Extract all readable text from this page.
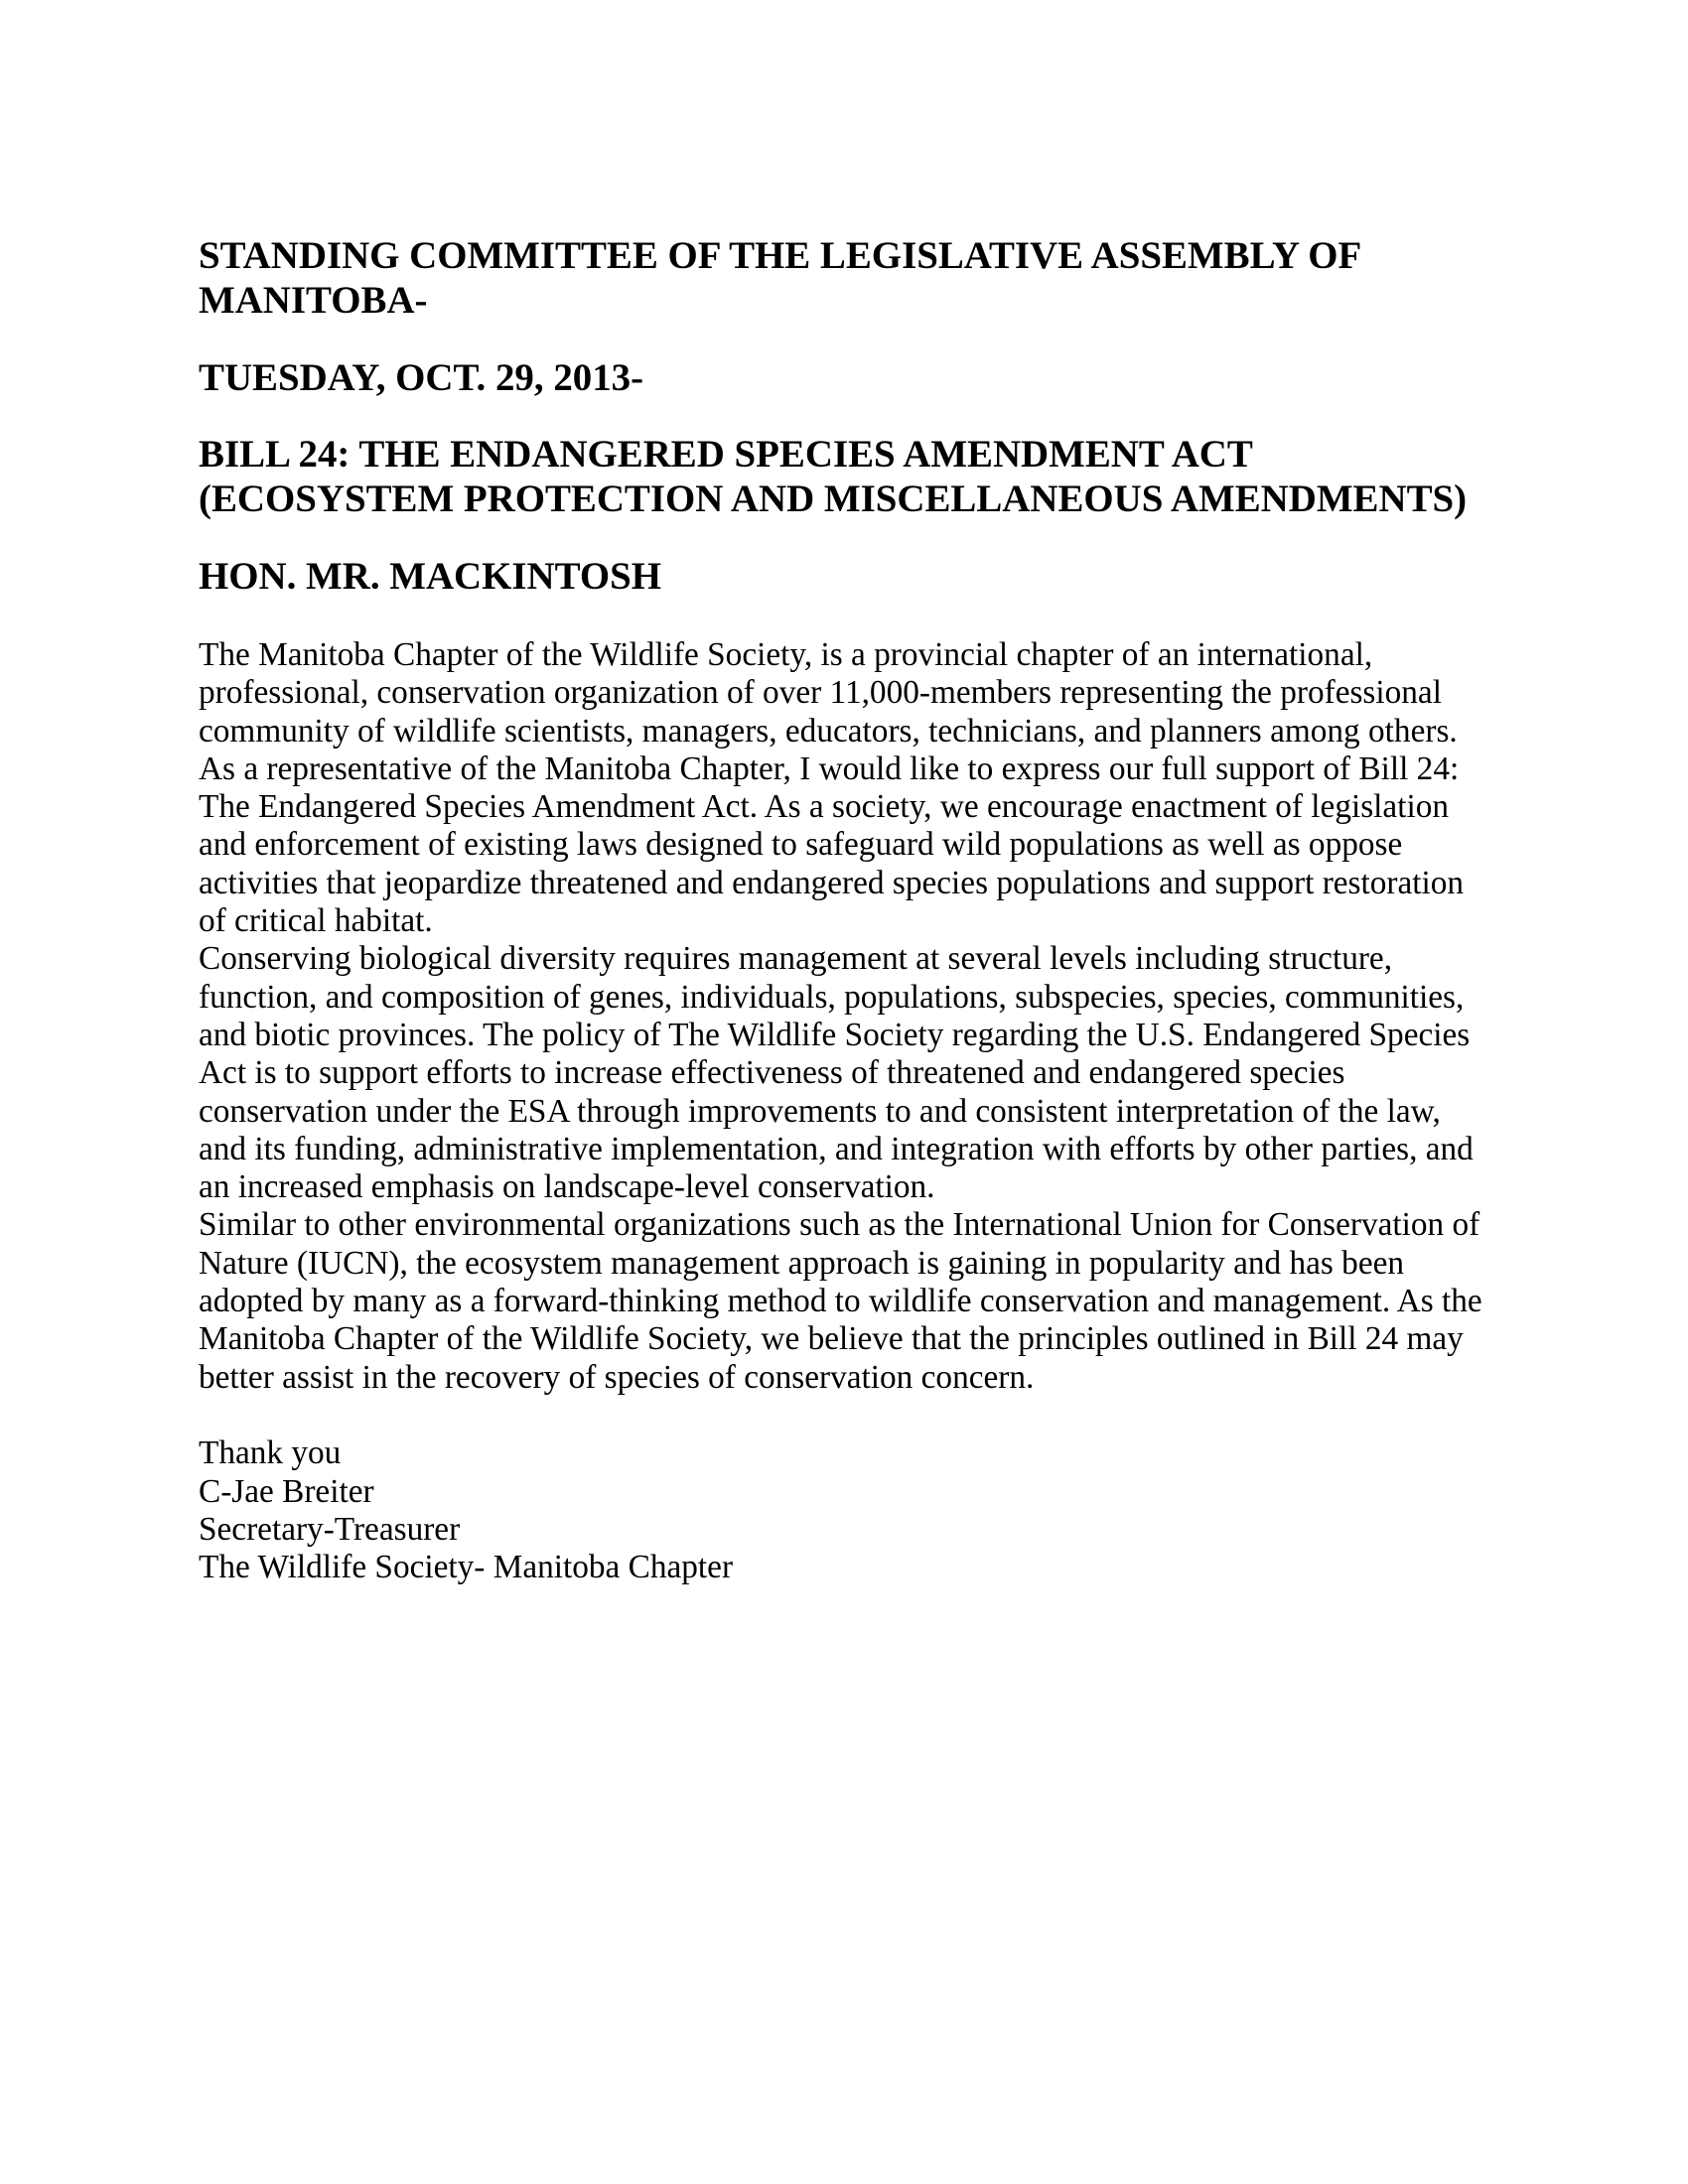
STANDING COMMITTEE OF THE LEGISLATIVE ASSEMBLY OF
MANITOBA-
TUESDAY, OCT. 29, 2013-
BILL 24: THE ENDANGERED SPECIES AMENDMENT ACT
(ECOSYSTEM PROTECTION AND MISCELLANEOUS AMENDMENTS)
HON. MR. MACKINTOSH

The Manitoba Chapter of the Wildlife Society, is a provincial chapter of an international,
professional, conservation organization of over 11,000-members representing the professional
community of wildlife scientists, managers, educators, technicians, and planners among others.
As a representative of the Manitoba Chapter, I would like to express our full support of Bill 24:
The Endangered Species Amendment Act. As a society, we encourage enactment of legislation
and enforcement of existing laws designed to safeguard wild populations as well as oppose
activities that jeopardize threatened and endangered species populations and support restoration
of critical habitat.

Conserving biological diversity requires management at several levels including structure,
function, and composition of genes, individuals, populations, subspecies, species, communities,
and biotic provinces. The policy of The Wildlife Society regarding the U.S. Endangered Species
Act is to support efforts to increase effectiveness of threatened and endangered species
conservation under the ESA through improvements to and consistent interpretation of the law,
and its funding, administrative implementation, and integration with efforts by other parties, and
an increased emphasis on landscape-level conservation.

Similar to other environmental organizations such as the International Union for Conservation of
Nature (IUCN), the ecosystem management approach is gaining in popularity and has been
adopted by many as a forward-thinking method to wildlife conservation and management. As the
Manitoba Chapter of the Wildlife Society, we believe that the principles outlined in Bill 24 may
better assist in the recovery of species of conservation concern.

Thank you
C-Jae Breiter
Secretary-Treasurer
The Wildlife Society- Manitoba Chapter
